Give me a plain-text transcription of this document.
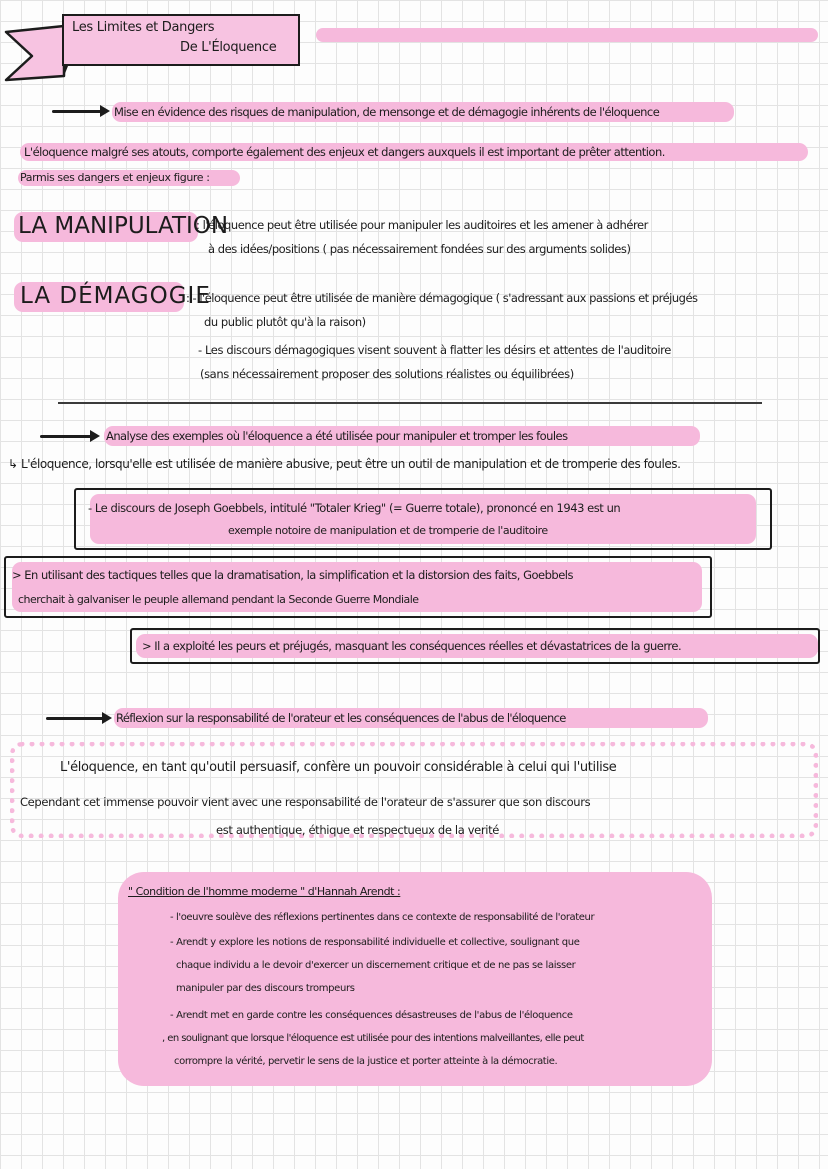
Les Limites et Dangers
De L'Éloquence
Mise en évidence des risques de manipulation, de mensonge et de démagogie inhérents de l'éloquence
L'éloquence malgré ses atouts, comporte également des enjeux et dangers auxquels il est important de prêter attention.
Parmis ses dangers et enjeux figure :
LA MANIPULATION
: l'éloquence peut être utilisée pour manipuler les auditoires et les amener à adhérer
à des idées/positions ( pas nécessairement fondées sur des arguments solides)
LA DÉMAGOGIE
: - l'éloquence peut être utilisée de manière démagogique ( s'adressant aux passions et préjugés
du public plutôt qu'à la raison)
- Les discours démagogiques visent souvent à flatter les désirs et attentes de l'auditoire
(sans nécessairement proposer des solutions réalistes ou équilibrées)
Analyse des exemples où l'éloquence a été utilisée pour manipuler et tromper les foules
↳ L'éloquence, lorsqu'elle est utilisée de manière abusive, peut être un outil de manipulation et de tromperie des foules.
- Le discours de Joseph Goebbels, intitulé "Totaler Krieg" (= Guerre totale), prononcé en 1943 est un
exemple notoire de manipulation et de tromperie de l'auditoire
> En utilisant des tactiques telles que la dramatisation, la simplification et la distorsion des faits, Goebbels
cherchait à galvaniser le peuple allemand pendant la Seconde Guerre Mondiale
> Il a exploité les peurs et préjugés, masquant les conséquences réelles et dévastatrices de la guerre.
Réflexion sur la responsabilité de l'orateur et les conséquences de l'abus de l'éloquence
L'éloquence, en tant qu'outil persuasif, confère un pouvoir considérable à celui qui l'utilise
Cependant cet immense pouvoir vient avec une responsabilité de l'orateur de s'assurer que son discours
est authentique, éthique et respectueux de la verité
" Condition de l'homme moderne " d'Hannah Arendt :
- l'oeuvre soulève des réflexions pertinentes dans ce contexte de responsabilité de l'orateur
- Arendt y explore les notions de responsabilité individuelle et collective, soulignant que
chaque individu a le devoir d'exercer un discernement critique et de ne pas se laisser
manipuler par des discours trompeurs
- Arendt met en garde contre les conséquences désastreuses de l'abus de l'éloquence
, en soulignant que lorsque l'éloquence est utilisée pour des intentions malveillantes, elle peut
corrompre la vérité, pervetir le sens de la justice et porter atteinte à la démocratie.
